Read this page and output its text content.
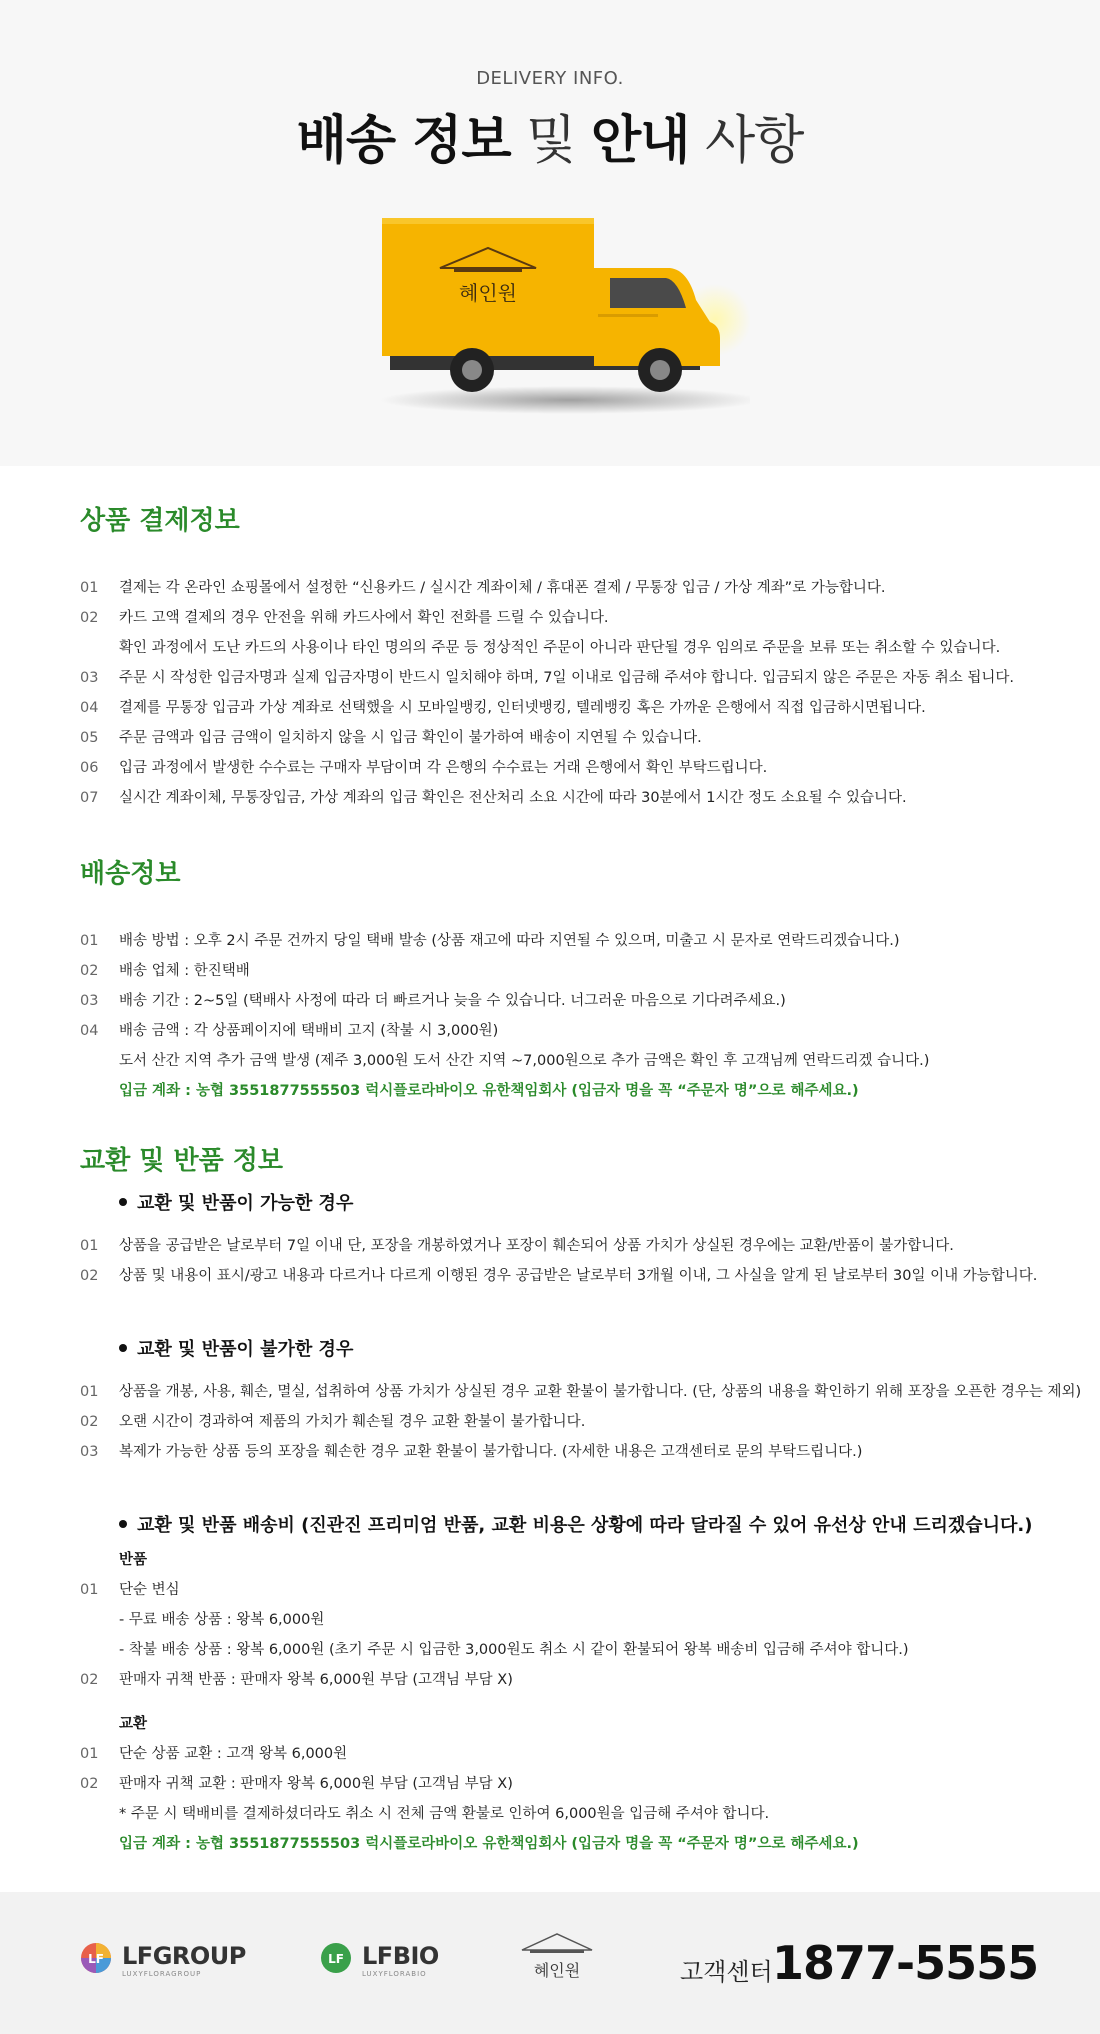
DELIVERY INFO.
배송 정보 및 안내 사항
혜인원
상품 결제정보
01	결제는 각 온라인 쇼핑몰에서 설정한 “신용카드 / 실시간 계좌이체 / 휴대폰 결제 / 무통장 입금 / 가상 계좌”로 가능합니다.
02	카드 고액 결제의 경우 안전을 위해 카드사에서 확인 전화를 드릴 수 있습니다.
확인 과정에서 도난 카드의 사용이나 타인 명의의 주문 등 정상적인 주문이 아니라 판단될 경우 임의로 주문을 보류 또는 취소할 수 있습니다.
03	주문 시 작성한 입금자명과 실제 입금자명이 반드시 일치해야 하며, 7일 이내로 입금해 주셔야 합니다. 입금되지 않은 주문은 자동 취소 됩니다.
04	결제를 무통장 입금과 가상 계좌로 선택했을 시 모바일뱅킹, 인터넷뱅킹, 텔레뱅킹 혹은 가까운 은행에서 직접 입금하시면됩니다.
05	주문 금액과 입금 금액이 일치하지 않을 시 입금 확인이 불가하여 배송이 지연될 수 있습니다.
06	입금 과정에서 발생한 수수료는 구매자 부담이며 각 은행의 수수료는 거래 은행에서 확인 부탁드립니다.
07	실시간 계좌이체, 무통장입금, 가상 계좌의 입금 확인은 전산처리 소요 시간에 따라 30분에서 1시간 정도 소요될 수 있습니다.
배송정보
01	배송 방법 : 오후 2시 주문 건까지 당일 택배 발송 (상품 재고에 따라 지연될 수 있으며, 미출고 시 문자로 연락드리겠습니다.)
02	배송 업체 : 한진택배
03	배송 기간 : 2~5일 (택배사 사정에 따라 더 빠르거나 늦을 수 있습니다. 너그러운 마음으로 기다려주세요.)
04	배송 금액 : 각 상품페이지에 택배비 고지 (착불 시 3,000원)
도서 산간 지역 추가 금액 발생 (제주 3,000원 도서 산간 지역 ~7,000원으로 추가 금액은 확인 후 고객님께 연락드리겠 습니다.)
입금 계좌 : 농협 3551877555503 럭시플로라바이오 유한책임회사 (입금자 명을 꼭 “주문자 명”으로 해주세요.)
교환 및 반품 정보
교환 및 반품이 가능한 경우
01	상품을 공급받은 날로부터 7일 이내 단, 포장을 개봉하였거나 포장이 훼손되어 상품 가치가 상실된 경우에는 교환/반품이 불가합니다.
02	상품 및 내용이 표시/광고 내용과 다르거나 다르게 이행된 경우 공급받은 날로부터 3개월 이내, 그 사실을 알게 된 날로부터 30일 이내 가능합니다.
교환 및 반품이 불가한 경우
01	상품을 개봉, 사용, 훼손, 멸실, 섭취하여 상품 가치가 상실된 경우 교환 환불이 불가합니다. (단, 상품의 내용을 확인하기 위해 포장을 오픈한 경우는 제외)
02	오랜 시간이 경과하여 제품의 가치가 훼손될 경우 교환 환불이 불가합니다.
03	복제가 가능한 상품 등의 포장을 훼손한 경우 교환 환불이 불가합니다. (자세한 내용은 고객센터로 문의 부탁드립니다.)
교환 및 반품 배송비 (진관진 프리미엄 반품, 교환 비용은 상황에 따라 달라질 수 있어 유선상 안내 드리겠습니다.)
반품
01	단순 변심
- 무료 배송 상품 : 왕복 6,000원
- 착불 배송 상품 : 왕복 6,000원 (초기 주문 시 입금한 3,000원도 취소 시 같이 환불되어 왕복 배송비 입금해 주셔야 합니다.)
02	판매자 귀책 반품 : 판매자 왕복 6,000원 부담 (고객님 부담 X)
교환
01	단순 상품 교환 : 고객 왕복 6,000원
02	판매자 귀책 교환 : 판매자 왕복 6,000원 부담 (고객님 부담 X)
* 주문 시 택배비를 결제하셨더라도 취소 시 전체 금액 환불로 인하여 6,000원을 입금해 주셔야 합니다.
입금 계좌 : 농협 3551877555503 럭시플로라바이오 유한책임회사 (입금자 명을 꼭 “주문자 명”으로 해주세요.)
LF LFGROUP
LUXYFLORAGROUP
LF LFBIO
LUXYFLORABIO	혜인원	고객센터 1877-5555
